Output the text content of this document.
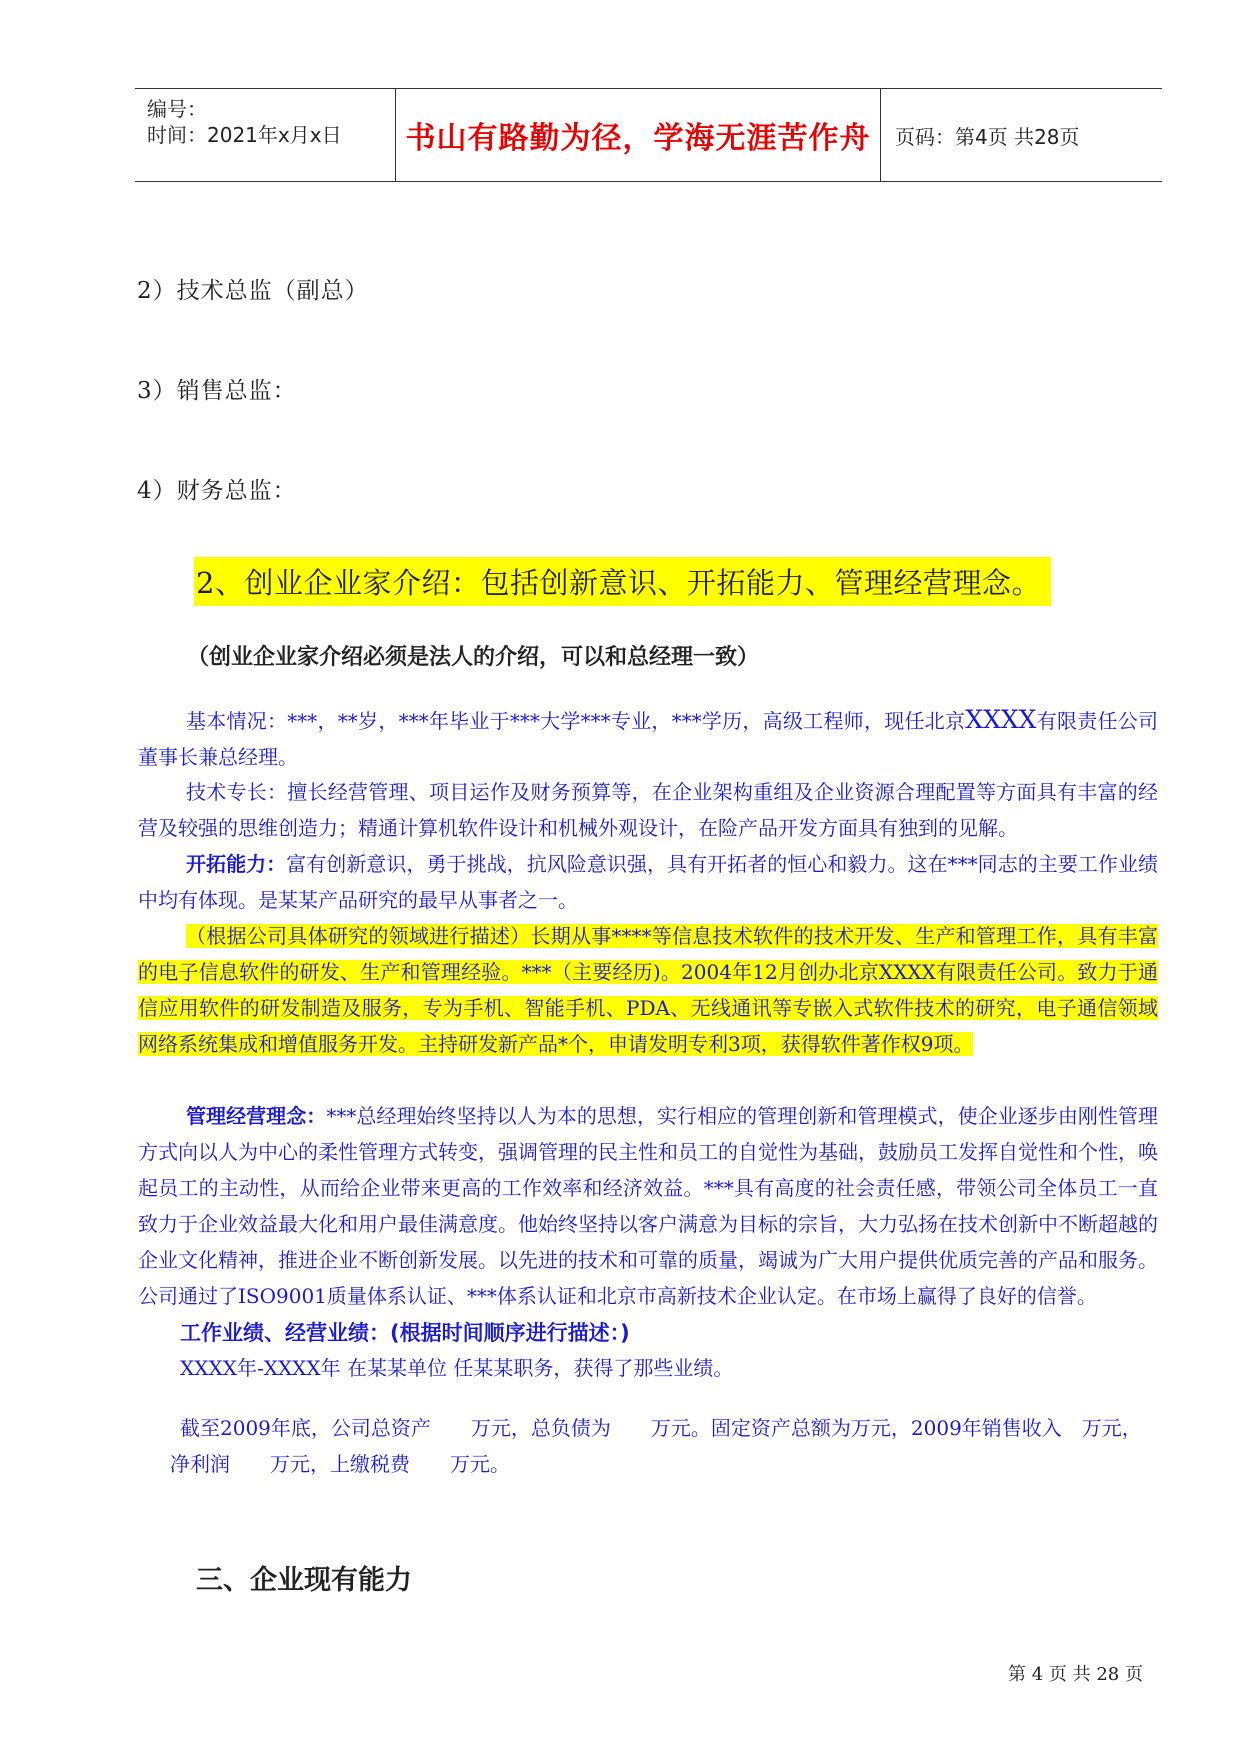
编号：
时间：2021年x月x日 书山有路勤为径，学海无涯苦作舟 页码：第4页 共28页
2）技术总监（副总）
3）销售总监：
4）财务总监：
2、创业企业家介绍：包括创新意识、开拓能力、管理经营理念。
（创业企业家介绍必须是法人的介绍，可以和总经理一致）
基本情况：***，**岁，***年毕业于***大学***专业，***学历，高级工程师，现任北京XXXX有限责任公司董事长兼总经理。
技术专长：擅长经营管理、项目运作及财务预算等，在企业架构重组及企业资源合理配置等方面具有丰富的经营及较强的思维创造力；精通计算机软件设计和机械外观设计，在险产品开发方面具有独到的见解。
开拓能力：富有创新意识，勇于挑战，抗风险意识强，具有开拓者的恒心和毅力。这在***同志的主要工作业绩中均有体现。是某某产品研究的最早从事者之一。
（根据公司具体研究的领域进行描述）长期从事****等信息技术软件的技术开发、生产和管理工作，具有丰富的电子信息软件的研发、生产和管理经验。***（主要经历)。2004年12月创办北京XXXX有限责任公司。致力于通信应用软件的研发制造及服务，专为手机、智能手机、PDA、无线通讯等专嵌入式软件技术的研究，电子通信领域网络系统集成和增值服务开发。主持研发新产品*个，申请发明专利3项，获得软件著作权9项。
管理经营理念：***总经理始终坚持以人为本的思想，实行相应的管理创新和管理模式，使企业逐步由刚性管理方式向以人为中心的柔性管理方式转变，强调管理的民主性和员工的自觉性为基础，鼓励员工发挥自觉性和个性，唤起员工的主动性，从而给企业带来更高的工作效率和经济效益。***具有高度的社会责任感，带领公司全体员工一直致力于企业效益最大化和用户最佳满意度。他始终坚持以客户满意为目标的宗旨，大力弘扬在技术创新中不断超越的企业文化精神，推进企业不断创新发展。以先进的技术和可靠的质量，竭诚为广大用户提供优质完善的产品和服务。公司通过了ISO9001质量体系认证、***体系认证和北京市高新技术企业认定。在市场上赢得了良好的信誉。
工作业绩、经营业绩：(根据时间顺序进行描述：)
XXXX年-XXXX年 在某某单位 任某某职务，获得了那些业绩。
截至2009年底，公司总资产　　万元，总负债为　　万元。固定资产总额为万元，2009年销售收入　万元，净利润　　万元，上缴税费　　万元。
三、企业现有能力
第 4 页 共 28 页
